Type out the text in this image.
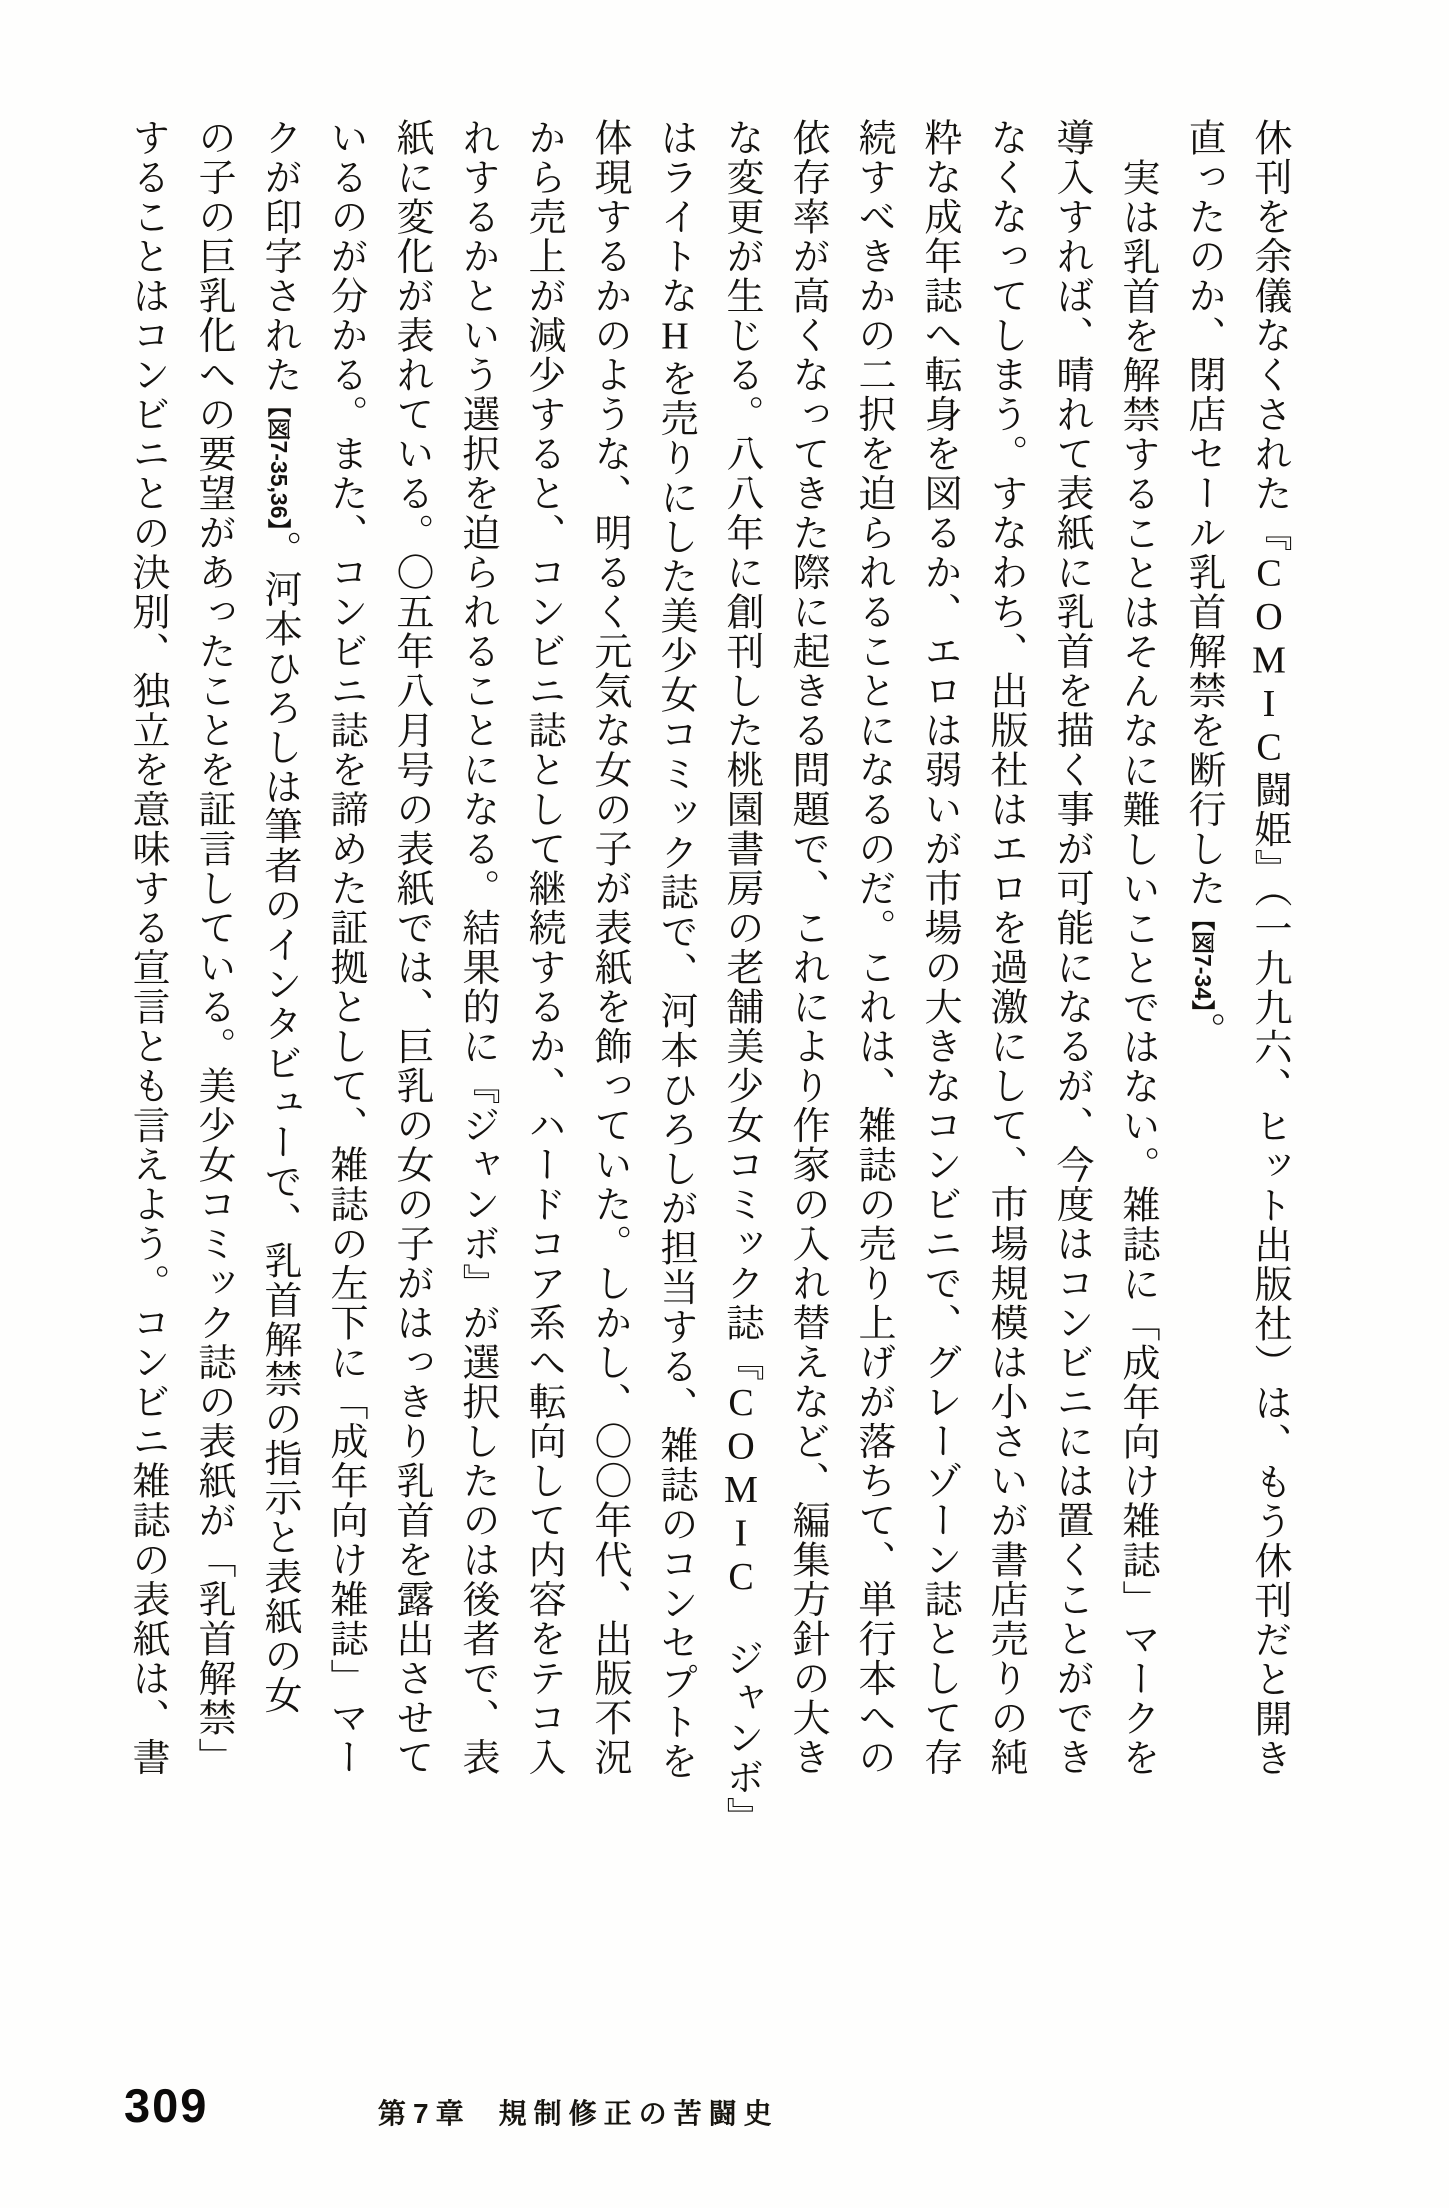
休刊を余儀なくされた『COMIC闘姫』（一九九六、ヒット出版社）は、もう休刊だと開き
直ったのか、閉店セール乳首解禁を断行した【図7-34】。
実は乳首を解禁することはそんなに難しいことではない。雑誌に「成年向け雑誌」マークを
導入すれば、晴れて表紙に乳首を描く事が可能になるが、今度はコンビニには置くことができ
なくなってしまう。すなわち、出版社はエロを過激にして、市場規模は小さいが書店売りの純
粋な成年誌へ転身を図るか、エロは弱いが市場の大きなコンビニで、グレーゾーン誌として存
続すべきかの二択を迫られることになるのだ。これは、雑誌の売り上げが落ちて、単行本への
依存率が高くなってきた際に起きる問題で、これにより作家の入れ替えなど、編集方針の大き
な変更が生じる。八八年に創刊した桃園書房の老舗美少女コミック誌『COMIC　ジャンボ』
はライトなHを売りにした美少女コミック誌で、河本ひろしが担当する、雑誌のコンセプトを
体現するかのような、明るく元気な女の子が表紙を飾っていた。しかし、〇〇年代、出版不況
から売上が減少すると、コンビニ誌として継続するか、ハードコア系へ転向して内容をテコ入
れするかという選択を迫られることになる。結果的に『ジャンボ』が選択したのは後者で、表
紙に変化が表れている。〇五年八月号の表紙では、巨乳の女の子がはっきり乳首を露出させて
いるのが分かる。また、コンビニ誌を諦めた証拠として、雑誌の左下に「成年向け雑誌」マー
クが印字された【図7-35,36】。河本ひろしは筆者のインタビューで、乳首解禁の指示と表紙の女
の子の巨乳化への要望があったことを証言している。美少女コミック誌の表紙が「乳首解禁」
することはコンビニとの決別、独立を意味する宣言とも言えよう。コンビニ雑誌の表紙は、書
309	第7章 規制修正の苦闘史
